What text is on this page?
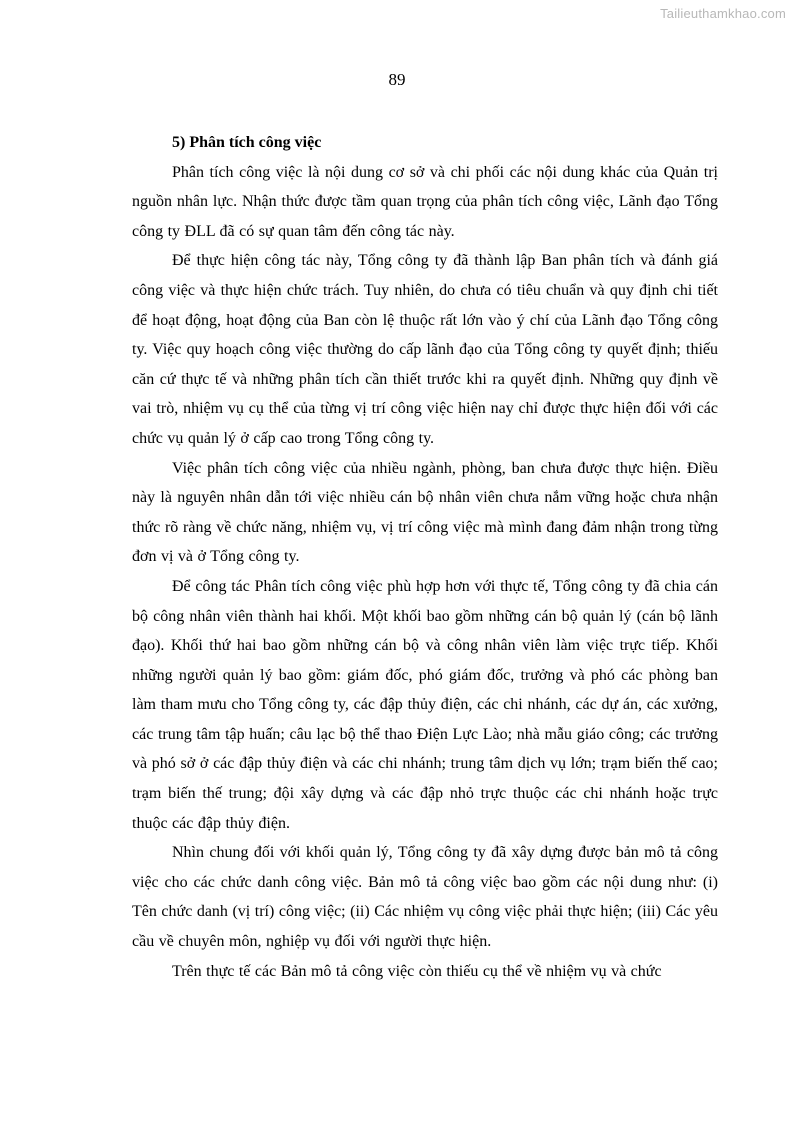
Tailieuthamkhao.com
89

5) Phân tích công việc

Phân tích công việc là nội dung cơ sở và chi phối các nội dung khác của Quản trị nguồn nhân lực. Nhận thức được tầm quan trọng của phân tích công việc, Lãnh đạo Tổng công ty ĐLL đã có sự quan tâm đến công tác này.

Để thực hiện công tác này, Tổng công ty đã thành lập Ban phân tích và đánh giá công việc và thực hiện chức trách. Tuy nhiên, do chưa có tiêu chuẩn và quy định chi tiết để hoạt động, hoạt động của Ban còn lệ thuộc rất lớn vào ý chí của Lãnh đạo Tổng công ty. Việc quy hoạch công việc thường do cấp lãnh đạo của Tổng công ty quyết định; thiếu căn cứ thực tế và những phân tích cần thiết trước khi ra quyết định. Những quy định về vai trò, nhiệm vụ cụ thể của từng vị trí công việc hiện nay chỉ được thực hiện đối với các chức vụ quản lý ở cấp cao trong Tổng công ty.

Việc phân tích công việc của nhiều ngành, phòng, ban chưa được thực hiện. Điều này là nguyên nhân dẫn tới việc nhiều cán bộ nhân viên chưa nắm vững hoặc chưa nhận thức rõ ràng về chức năng, nhiệm vụ, vị trí công việc mà mình đang đảm nhận trong từng đơn vị và ở Tổng công ty.

Để công tác Phân tích công việc phù hợp hơn với thực tế, Tổng công ty đã chia cán bộ công nhân viên thành hai khối. Một khối bao gồm những cán bộ quản lý (cán bộ lãnh đạo). Khối thứ hai bao gồm những cán bộ và công nhân viên làm việc trực tiếp. Khối những người quản lý bao gồm: giám đốc, phó giám đốc, trưởng và phó các phòng ban làm tham mưu cho Tổng công ty, các đập thủy điện, các chi nhánh, các dự án, các xưởng, các trung tâm tập huấn; câu lạc bộ thể thao Điện Lực Lào; nhà mẫu giáo công; các trưởng và phó sở ở các đập thủy điện và các chi nhánh; trung tâm dịch vụ lớn; trạm biến thế cao; trạm biến thế trung; đội xây dựng và các đập nhỏ trực thuộc các chi nhánh hoặc trực thuộc các đập thủy điện.

Nhìn chung đối với khối quản lý, Tổng công ty đã xây dựng được bản mô tả công việc cho các chức danh công việc. Bản mô tả công việc bao gồm các nội dung như: (i) Tên chức danh (vị trí) công việc; (ii) Các nhiệm vụ công việc phải thực hiện; (iii) Các yêu cầu về chuyên môn, nghiệp vụ đối với người thực hiện.

Trên thực tế các Bản mô tả công việc còn thiếu cụ thể về nhiệm vụ và chức
